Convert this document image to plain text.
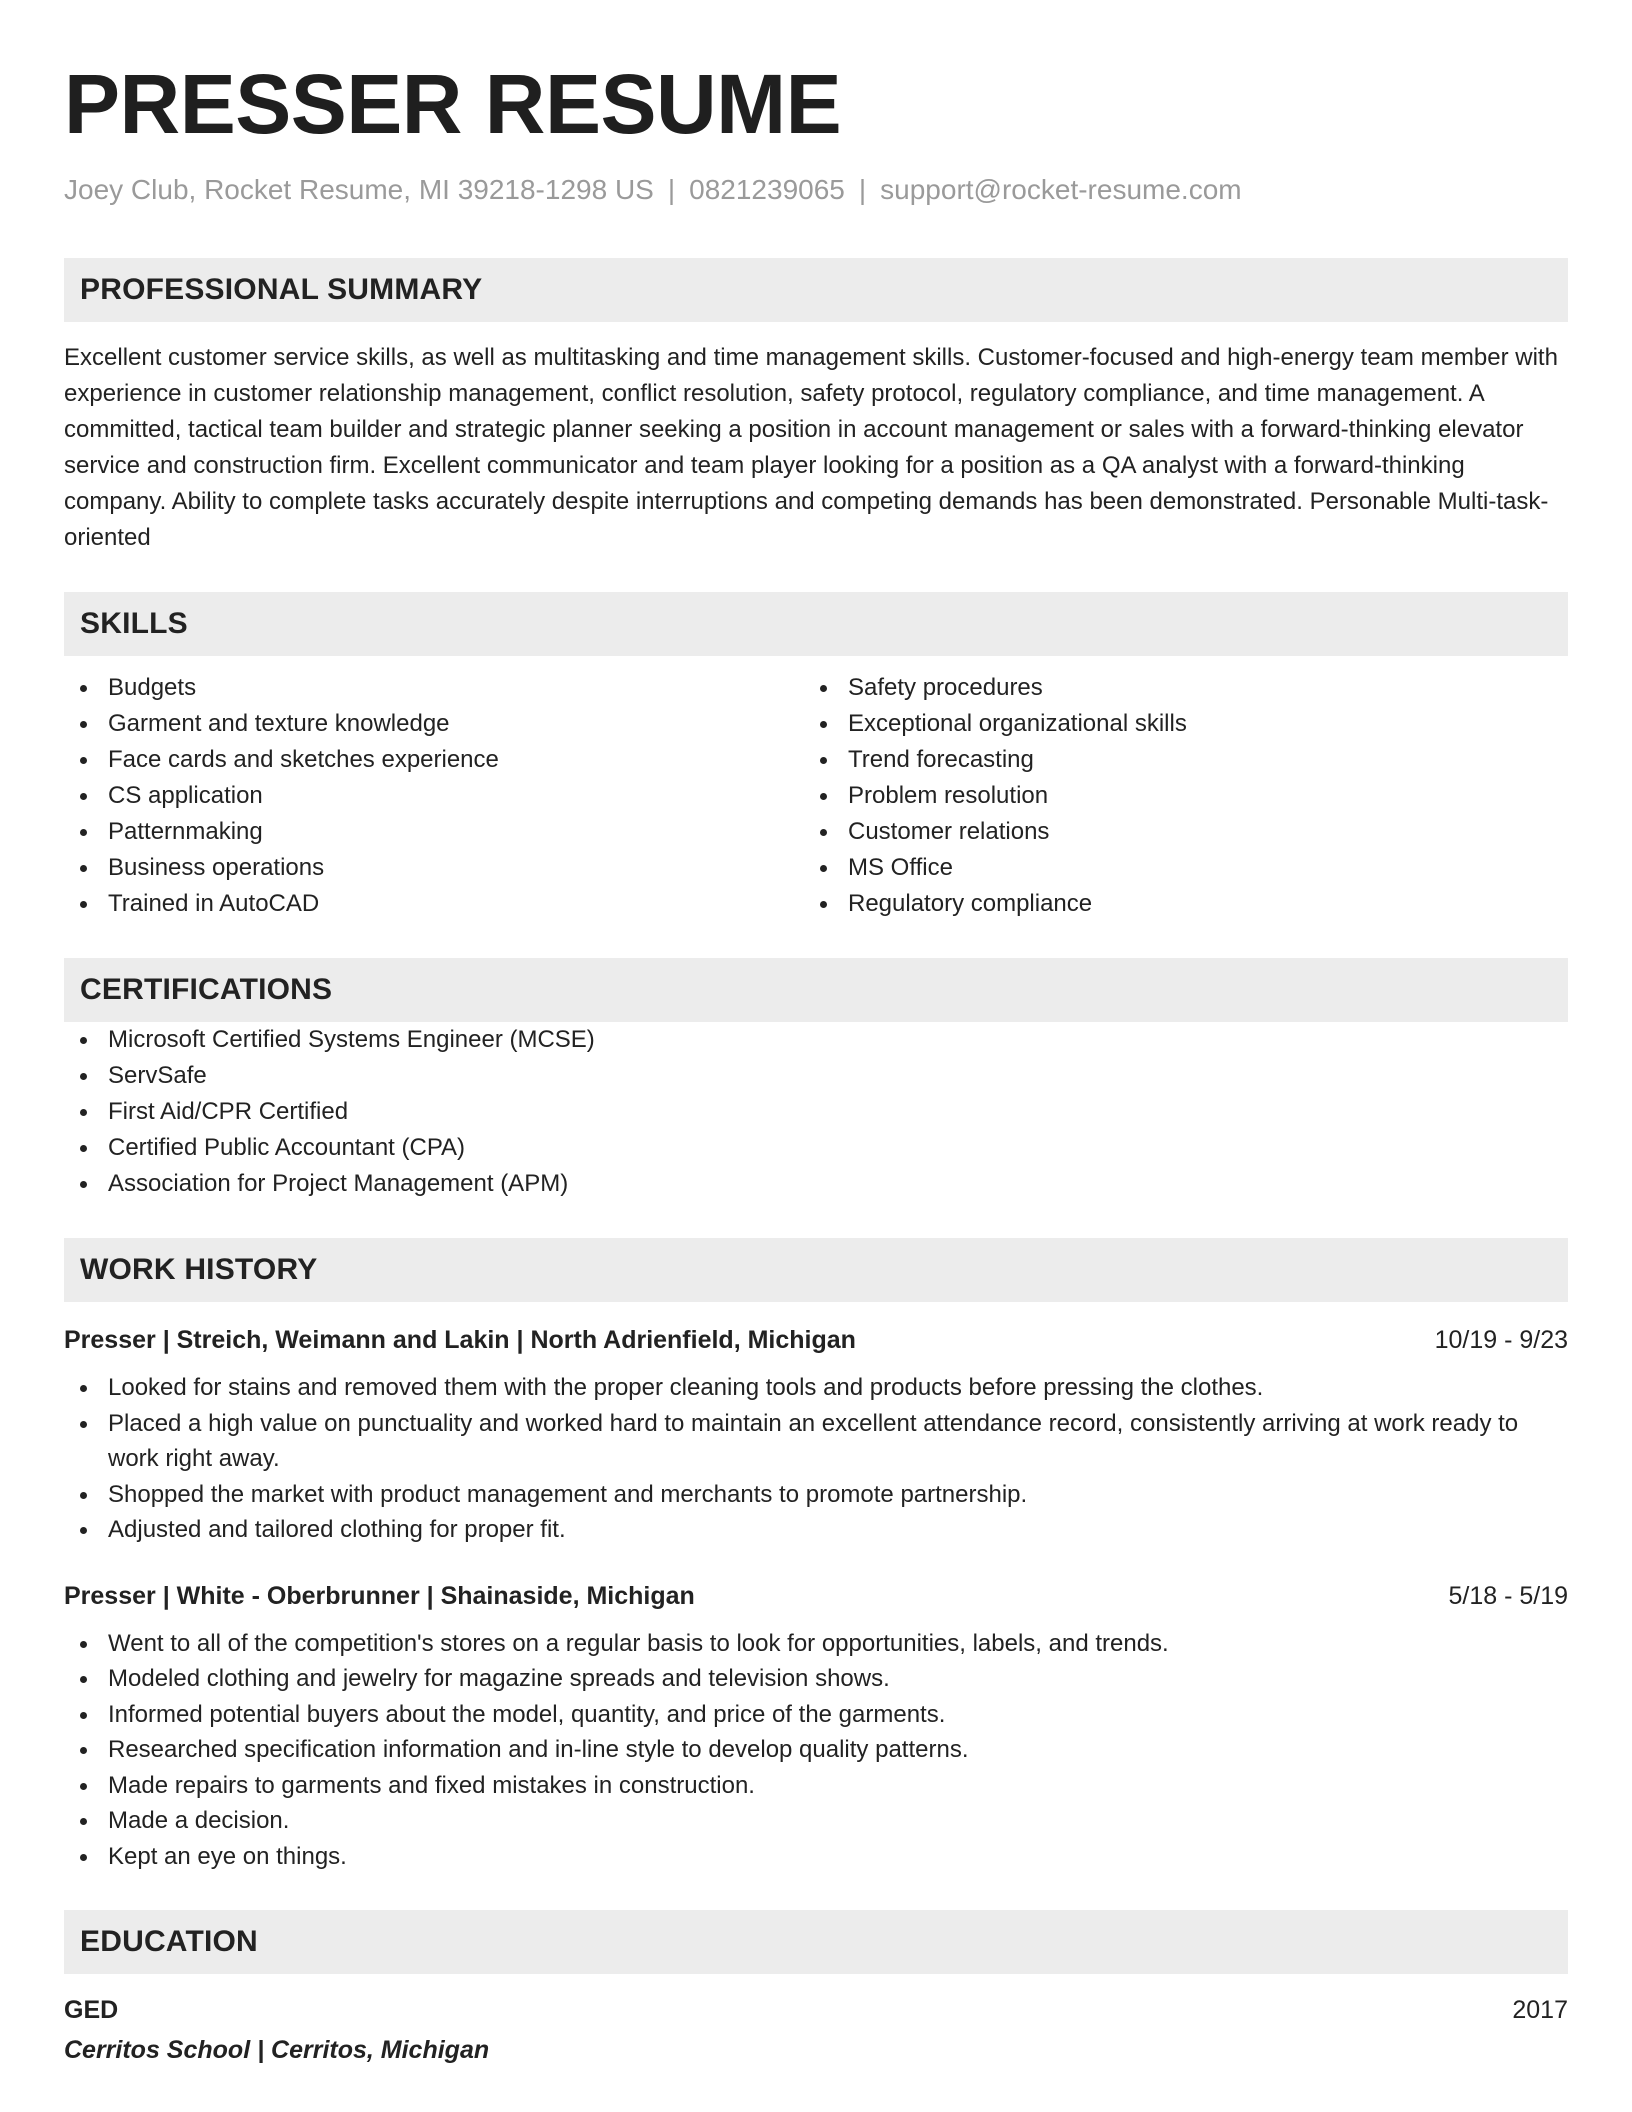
PRESSER RESUME
Joey Club, Rocket Resume, MI 39218-1298 US | 0821239065 | support@rocket-resume.com
PROFESSIONAL SUMMARY
Excellent customer service skills, as well as multitasking and time management skills. Customer-focused and high-energy team member with experience in customer relationship management, conflict resolution, safety protocol, regulatory compliance, and time management. A committed, tactical team builder and strategic planner seeking a position in account management or sales with a forward-thinking elevator service and construction firm. Excellent communicator and team player looking for a position as a QA analyst with a forward-thinking company. Ability to complete tasks accurately despite interruptions and competing demands has been demonstrated. Personable Multi-task-oriented
SKILLS
Budgets
Garment and texture knowledge
Face cards and sketches experience
CS application
Patternmaking
Business operations
Trained in AutoCAD
Safety procedures
Exceptional organizational skills
Trend forecasting
Problem resolution
Customer relations
MS Office
Regulatory compliance
CERTIFICATIONS
Microsoft Certified Systems Engineer (MCSE)
ServSafe
First Aid/CPR Certified
Certified Public Accountant (CPA)
Association for Project Management (APM)
WORK HISTORY
Presser | Streich, Weimann and Lakin | North Adrienfield, Michigan	10/19 - 9/23
Looked for stains and removed them with the proper cleaning tools and products before pressing the clothes.
Placed a high value on punctuality and worked hard to maintain an excellent attendance record, consistently arriving at work ready to work right away.
Shopped the market with product management and merchants to promote partnership.
Adjusted and tailored clothing for proper fit.
Presser | White - Oberbrunner | Shainaside, Michigan	5/18 - 5/19
Went to all of the competition's stores on a regular basis to look for opportunities, labels, and trends.
Modeled clothing and jewelry for magazine spreads and television shows.
Informed potential buyers about the model, quantity, and price of the garments.
Researched specification information and in-line style to develop quality patterns.
Made repairs to garments and fixed mistakes in construction.
Made a decision.
Kept an eye on things.
EDUCATION
GED	2017
Cerritos School | Cerritos, Michigan
